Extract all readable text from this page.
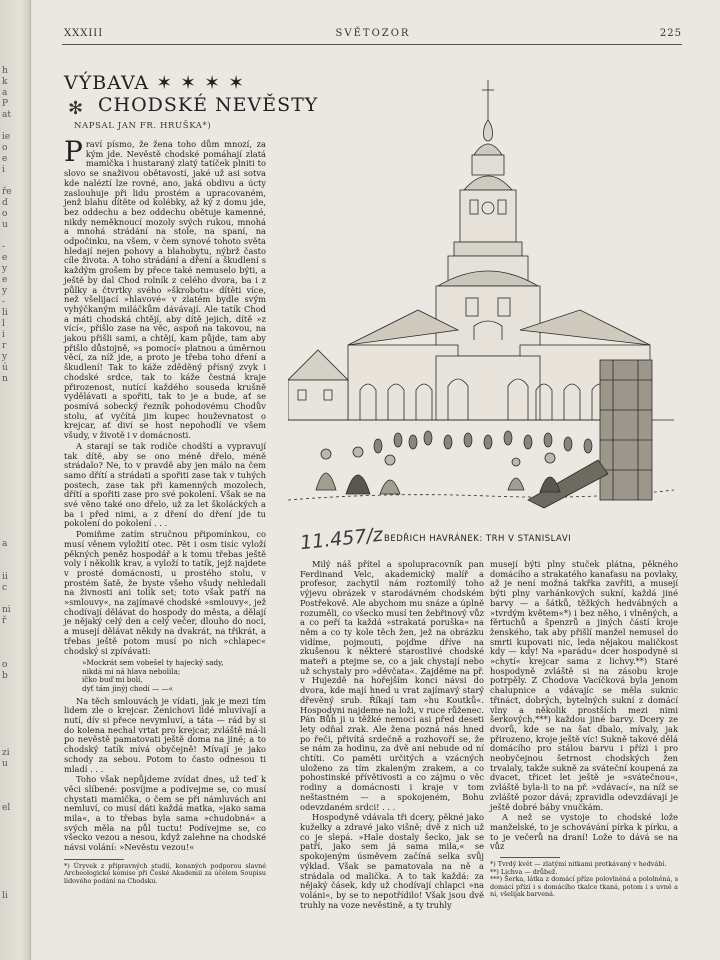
h
k
a
P
at
ie
o
e
i
ře
d
o
u
-
e
y
e
y
-
li
l
i
r
y
ú
n
a
ii
c
ni
ř
o
b
zi
u
el
li
XXXIII	SVĚTOZOR	225
VÝBAVA ✶ ✶ ✶ ✶
✻ CHODSKÉ NEVĚSTY
NAPSAL JAN FR. HRUŠKA*)

Praví písmo, že žena toho dům mnozí, za kým jde. Nevěstě chodské pomáhají zlatá mamička i hustaraný zlatý tatíček plniti to slovo se snaživou obětavostí, jaké už asi sotva kde naléztí lze rovné, ano, jaká obdivu a úcty zaslouhuje při lidu prostém a upracovaném, jenž blahu dítěte od kolébky, až ký z domu jde, bez oddechu a bez oddechu obětuje kamenné, nikdy neměknoucí mozoly svých rukou, mnohá a mnohá strádání na stole, na spaní, na odpočinku, na všem, v čem synové tohoto světa hledají nejen pohovy a blahobytu, nýbrž často cíle života. A toho strádání a dření a škudlení s každým grošem by přece také nemuselo býti, a ještě by dal Chod rolník z celého dvora, ba i z půlky a čtvrtky svého »škrobotu« dítěti více, než všelijací »hlavové« v zlatém bydle svým vyhýčkaným miláčkům dávávají. Ale tatík Chod a máti chodská chtějí, aby dítě jejich, dítě »z vící«, přišlo zase na věc, aspoň na takovou, na jakou přišli sami, a chtějí, kam půjde, tam aby přišlo důstojně, »s pomocí« platnou a úměrnou věcí, za níž jde, a proto je třeba toho dření a škudlení! Tak to káže zděděný přísný zvyk i chodské srdce, tak to káže čestná kraje přirozenost, nutící každého souseda krušně vydělávati a spořiti, tak to je a bude, ať se posmívá sobecký řezník pohodovému Chodův stolu, ať vyčítá jim kupec houževnatost o krejcar, ať diví se host nepohodlí ve všem všudy, v životě i v domácnosti.

A starají se tak rodiče chodští a vypravují tak dítě, aby se ono méně dřelo, méně strádalo? Ne, to v pravdě aby jen málo na čem samo dřítí a strádati a spořiti zase tak v tuhých postech, zase tak při kamenných mozolech, dřítí a spořiti zase pro své pokolení. Však se na své věno také ono dřelo, už za let školáckých a ba i před nimi, a z dření do dření jde tu pokolení do pokolení . . .

Pomiňme zatím stručnou připomínkou, co musí věnem vyložití otec. Pět i osm tisíc vyloží pěkných peněz hospodář a k tomu třebas ještě voly i několik krav, a vyloží to tatík, jejž najdete v prosté domácnosti, u prostého stolu, v prostém šatě, že byste všeho všudy nehledali na živnosti ani tolik set; toto však patří na »smlouvy«, na zajímavé chodské »smlouvy«, jež chodívají dělávat do hospody do města, a dělají je nějaký celý den a celý večer, dlouho do noci, a musejí dělávat někdy na dvakrát, na třikrát, a třebas ještě potom musí po nich »chlapec« chodský si zpívávati:

»Mockrát sem vobešel ty hajecký sady,
nikdá mi ná hlava nebolila;
ičko buď mi bolí,
dyť tám jinýj chodí — —«

Na těch smlouvách je vídati, jak je mezi tím lidem zle o krejcar. Ženichovi lidé mluvívají a nutí, dív si přece nevymluví, a táta — rád by si do kolena nechal vrtat pro krejcar, zvláště má-li po nevěstě pamatovati ještě doma na jiné; a to chodský tatík mívá obyčejně! Mívají je jako schody za sebou. Potom to často odnesou ti mladí . . .

Toho však nepůjdeme zvídat dnes, už teď k věci slíbené: posvíjme a podívejme se, co musí chystati mamička, o čem se při námluvách ani nemluví, co musí dáti každá matka, »jako sama mila«, a to třebas byla sama »chudobná« a svých měla na půl tuctu! Podívejme se, co všecko vezou a nesou, když zalehne na chodské návsi volání: »Nevěstu vezou!«

*) Úryvek z připravných studií, konaných podporou slavné Archeologické komise při České Akademii za účelem Soupisu lidového podání na Chodsku.
11.457/z BEDŘICH HAVRÁNEK: TRH V STANISLAVI

Milý náš přítel a spolupracovník pan Ferdinand Velc, akademický malíř a profesor, zachytil nám roztomilý toho výjevu obrázek v starodávném chodském Postřekově. Ale abychom mu snáze a úplně rozuměli, co všecko musí ten žebřinový vůz a co peří ta každá »strakatá poruška« na něm a co ty kole těch žen, jež na obrázku vidíme, pojmouti, pojďme dříve na zkušenou k některé starostlivé chodské mateři a ptejme se, co a jak chystají nebo už schystaly pro »děvčata«. Zajděme na př. v Hujezdě na hořejším konci návsi do dvora, kde mají hned u vrat zajímavý starý dřevěný srub. Říkají tam »hu Koutků«. Hospodyni najdeme na loži, v ruce růženec. Pán Bůh ji u těžké nemoci asi před deseti lety odňal zrak. Ale žena pozná nás hned po řeči, přivítá srdečně a rozhovoří se, že se nám za hodinu, za dvě ani nebude od ní chtíti. Co paměti určitých a vzácných uloženo za tím zkaleným zrakem, a co pohostinské přívětivosti a co zájmu o věc rodiny a domácnosti i kraje v tom neštastném — a spokojeném, Bohu odevzdaném srdci! . . .

Hospodyně vdávala tři dcery, pěkné jako kuželky a zdravé jako višně; dvě z nich už co je slepá. »Hale dostaly šecko, jak se patří, jako sem já sama mila,« se spokojeným úsměvem začíná selka svůj výklad. Však se pamatovala na ně a strádala od malička. A to tak každá: za nějaký čásek, kdy už chodívají chlapci »na voláni«, by se to nepotřídilo! Však jsou dvě truhly na voze nevěstině, a ty truhly

musejí býti plny stuček plátna, pěkného domácího a strakatého kanafasu na povlaky, až je není možná takřka zavříti, a musejí býti plny varhánkových sukní, každá jiné barvy — a šátků, těžkých hedvábných a »tvrdým květem«*) i bez něho, i vlněných, a fěrtuchů a špenzrů a jiných částí kroje ženského, tak aby přišlí manžel nemusel do smrti kupovati nic, leda nějakou maličkost kdy — kdy! Na »parádu« dcer hospodyně si »chytí« krejcar sama z lichvy.**) Staré hospodyně zvláště si na zásobu kroje potrpěly. Z Chodova Vacíčková byla jenom chalupnice a vdávajíc se měla suknic třináct, dobrých, bytelných sukní z domácí vlny a několik prostších mezi nimi šerkových,***) každou jiné barvy. Dcery ze dvorů, kde se na šat dbalo, mívaly, jak přirozeno, kroje ještě víc! Sukně takové dělá domácího pro stálou barvu i přízi i pro neobyčejnou šetrnost chodských žen trvalaly, takže sukně za sváteční koupená za dvacet, třicet let ještě je »svátečnou«, zvláště byla-li to na př. »vdávací«, na níž se zvláště pozor dává; zpravidla odevzdávají je ještě dobré báby vnučkám.

A než se vystoje to chodské lože manželské, to je schovávání pírka k pírku, a to je večerů na draní! Lože to dává se na vůz

*) Tvrdý květ — zlatýmí nitkami protkávaný v hedvábí.
**) Lichva — drůbež.
***) Šerka, látka z domácí příze polovlněná a pololněná, s domácí přízí i s domácího tkalce tkaná, potom i s uvně a ní, všelijak barvená.
